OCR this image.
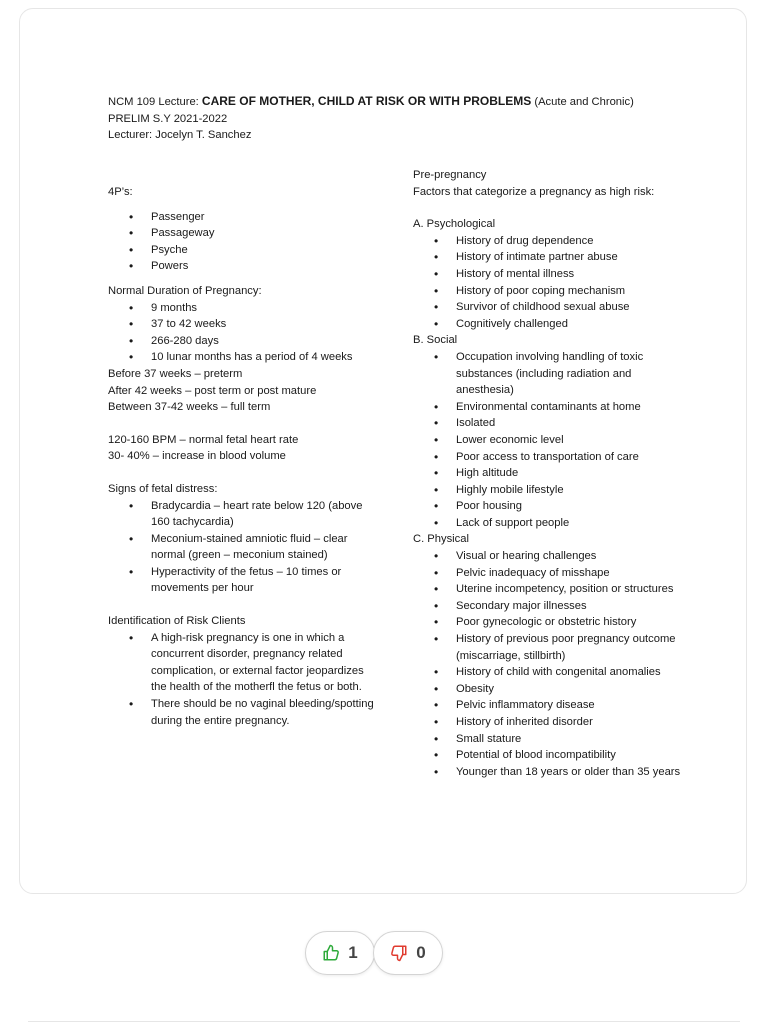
NCM 109 Lecture: CARE OF MOTHER, CHILD AT RISK OR WITH PROBLEMS (Acute and Chronic)
PRELIM S.Y 2021-2022
Lecturer: Jocelyn T. Sanchez

4P’s:

• Passenger
• Passageway
• Psyche
• Powers

Normal Duration of Pregnancy:

• 9 months
• 37 to 42 weeks
• 266-280 days
• 10 lunar months has a period of 4 weeks

Before 37 weeks – preterm

After 42 weeks – post term or post mature

Between 37-42 weeks – full term

120-160 BPM – normal fetal heart rate

30- 40% – increase in blood volume

Signs of fetal distress:

• Bradycardia – heart rate below 120 (above 160 tachycardia)
• Meconium-stained amniotic fluid – clear normal (green – meconium stained)
• Hyperactivity of the fetus – 10 times or movements per hour

Identification of Risk Clients

• A high-risk pregnancy is one in which a concurrent disorder, pregnancy related complication, or external factor jeopardizes the health of the motherfl the fetus or both.
• There should be no vaginal bleeding/spotting during the entire pregnancy.

Pre-pregnancy

Factors that categorize a pregnancy as high risk:

A. Psychological

• History of drug dependence
• History of intimate partner abuse
• History of mental illness
• History of poor coping mechanism
• Survivor of childhood sexual abuse
• Cognitively challenged

B. Social

• Occupation involving handling of toxic substances (including radiation and anesthesia)
• Environmental contaminants at home
• Isolated
• Lower economic level
• Poor access to transportation of care
• High altitude
• Highly mobile lifestyle
• Poor housing
• Lack of support people

C. Physical

• Visual or hearing challenges
• Pelvic inadequacy of misshape
• Uterine incompetency, position or structures
• Secondary major illnesses
• Poor gynecologic or obstetric history
• History of previous poor pregnancy outcome (miscarriage, stillbirth)
• History of child with congenital anomalies
• Obesity
• Pelvic inflammatory disease
• History of inherited disorder
• Small stature
• Potential of blood incompatibility
• Younger than 18 years or older than 35 years
1	0
